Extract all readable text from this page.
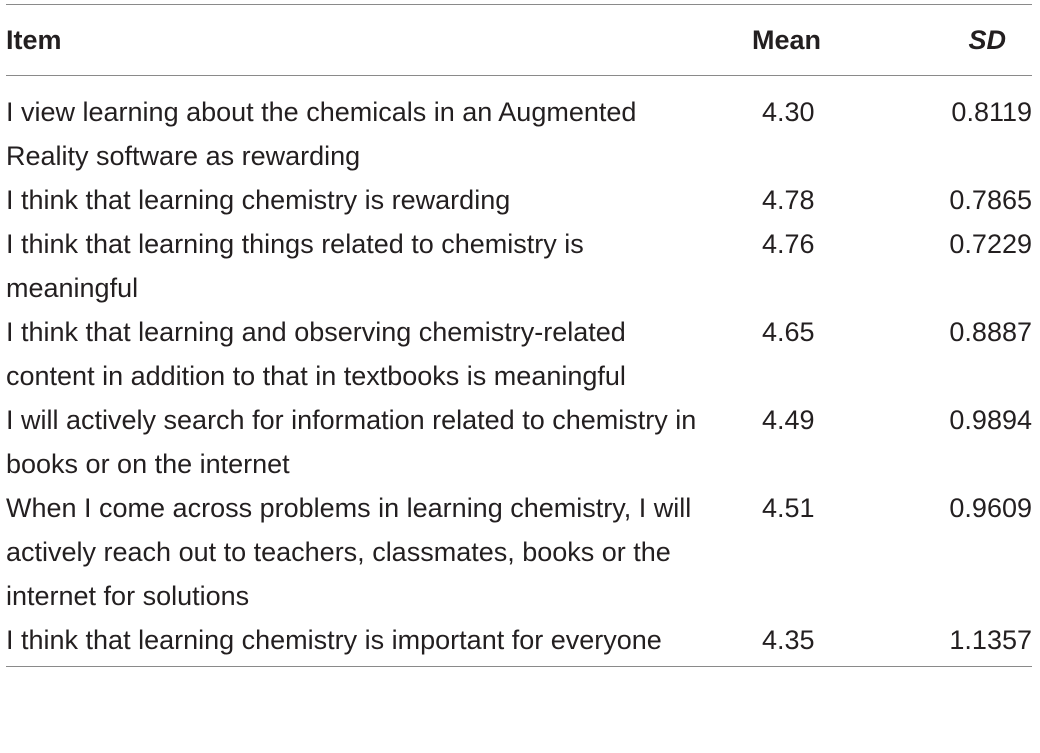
Item	Mean	SD
I view learning about the chemicals in an Augmented Reality software as rewarding	4.30	0.8119
I think that learning chemistry is rewarding	4.78	0.7865
I think that learning things related to chemistry is meaningful	4.76	0.7229
I think that learning and observing chemistry-related content in addition to that in textbooks is meaningful	4.65	0.8887
I will actively search for information related to chemistry in books or on the internet	4.49	0.9894
When I come across problems in learning chemistry, I will actively reach out to teachers, classmates, books or the internet for solutions	4.51	0.9609
I think that learning chemistry is important for everyone	4.35	1.1357
